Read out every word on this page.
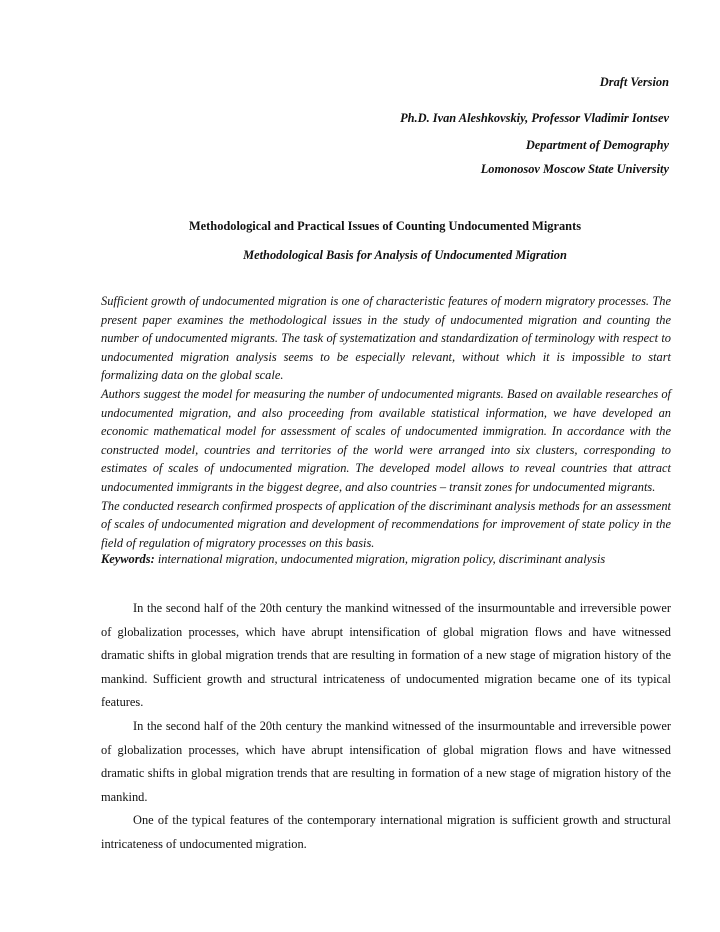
Draft Version
Ph.D. Ivan Aleshkovskiy, Professor Vladimir Iontsev
Department of Demography
Lomonosov Moscow State University
Methodological and Practical Issues of Counting Undocumented Migrants
Methodological Basis for Analysis of Undocumented Migration

Sufficient growth of undocumented migration is one of characteristic features of modern migratory processes. The present paper examines the methodological issues in the study of undocumented migration and counting the number of undocumented migrants. The task of systematization and standardization of terminology with respect to undocumented migration analysis seems to be especially relevant, without which it is impossible to start formalizing data on the global scale.

Authors suggest the model for measuring the number of undocumented migrants. Based on available researches of undocumented migration, and also proceeding from available statistical information, we have developed an economic mathematical model for assessment of scales of undocumented immigration. In accordance with the constructed model, countries and territories of the world were arranged into six clusters, corresponding to estimates of scales of undocumented migration. The developed model allows to reveal countries that attract undocumented immigrants in the biggest degree, and also countries – transit zones for undocumented migrants.

The conducted research confirmed prospects of application of the discriminant analysis methods for an assessment of scales of undocumented migration and development of recommendations for improvement of state policy in the field of regulation of migratory processes on this basis.

Keywords: international migration, undocumented migration, migration policy, discriminant analysis

In the second half of the 20th century the mankind witnessed of the insurmountable and irreversible power of globalization processes, which have abrupt intensification of global migration flows and have witnessed dramatic shifts in global migration trends that are resulting in formation of a new stage of migration history of the mankind. Sufficient growth and structural intricateness of undocumented migration became one of its typical features.

In the second half of the 20th century the mankind witnessed of the insurmountable and irreversible power of globalization processes, which have abrupt intensification of global migration flows and have witnessed dramatic shifts in global migration trends that are resulting in formation of a new stage of migration history of the mankind.

One of the typical features of the contemporary international migration is sufficient growth and structural intricateness of undocumented migration.
